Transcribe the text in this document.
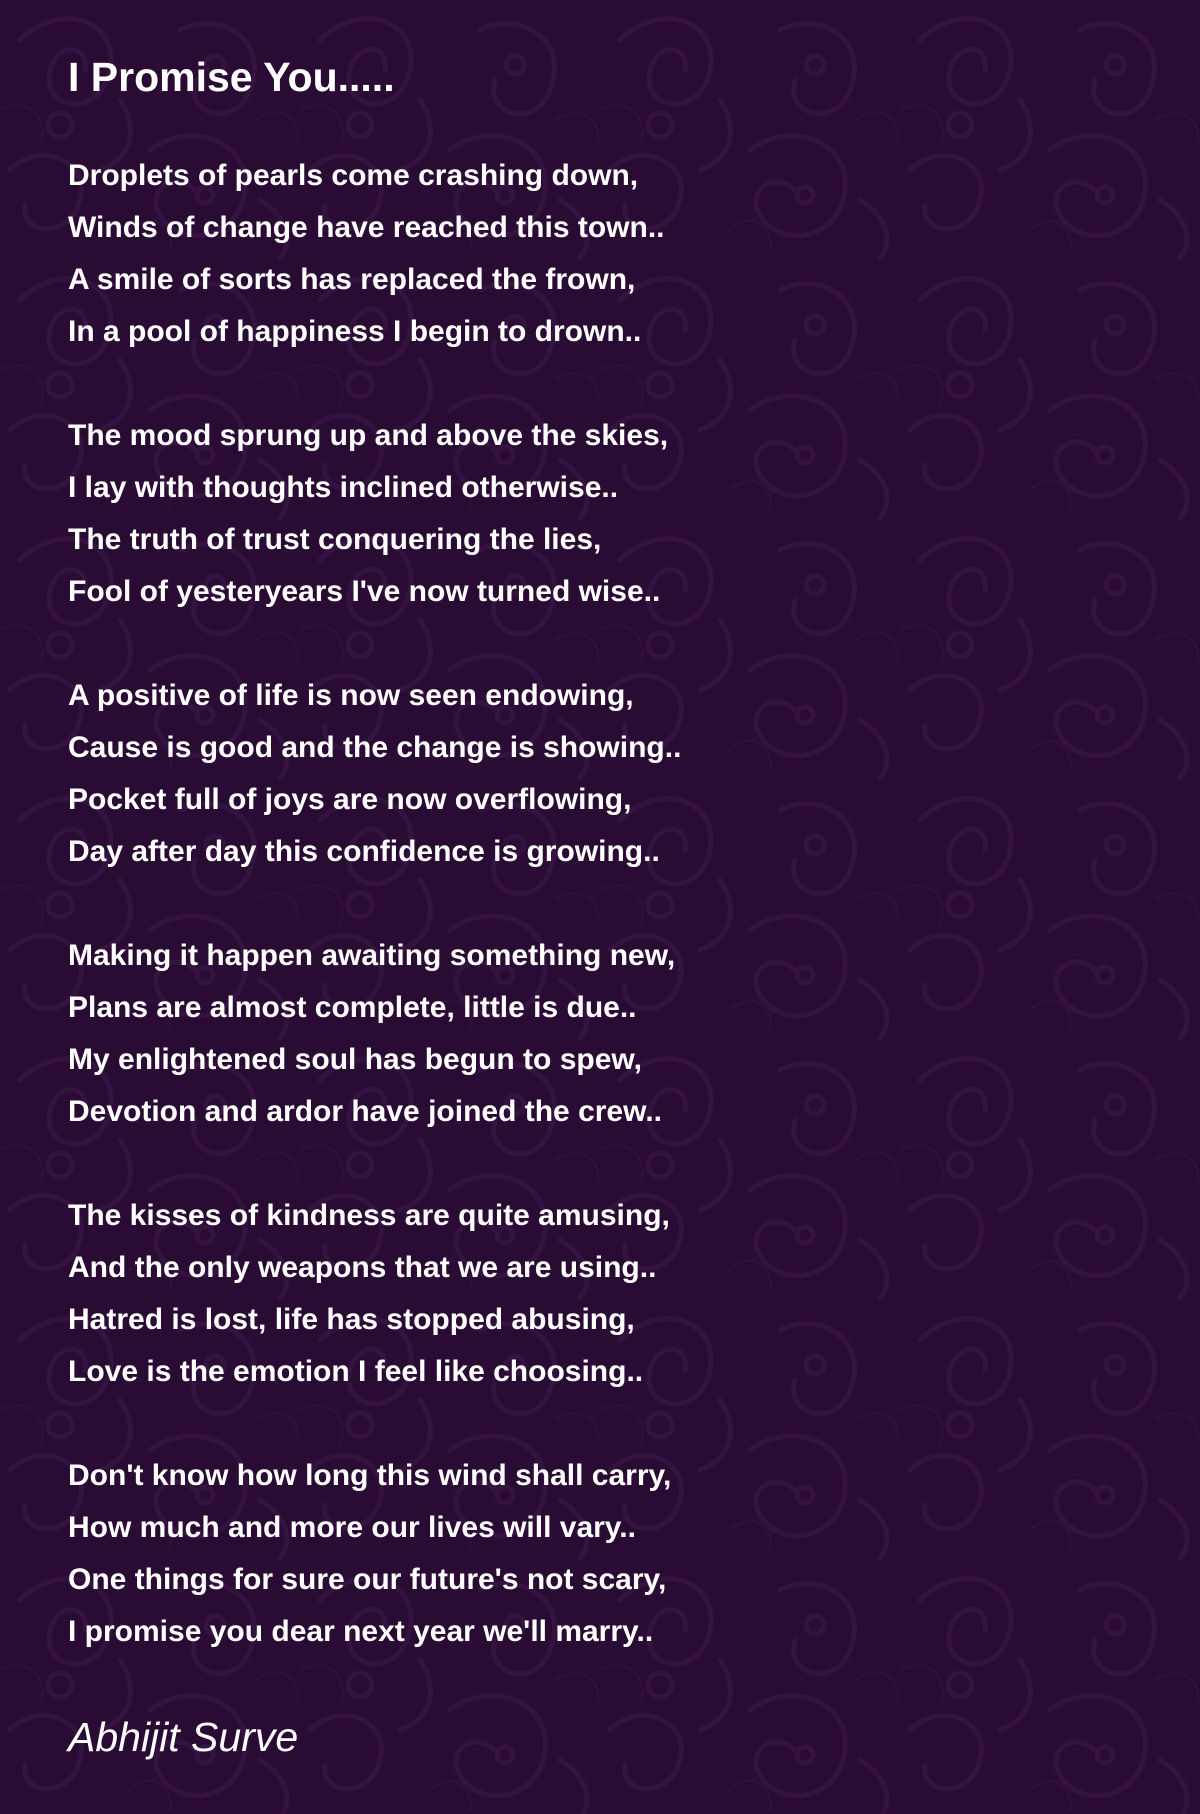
I Promise You.....

Droplets of pearls come crashing down,
Winds of change have reached this town..
A smile of sorts has replaced the frown,
In a pool of happiness I begin to drown..

The mood sprung up and above the skies,
I lay with thoughts inclined otherwise..
The truth of trust conquering the lies,
Fool of yesteryears I've now turned wise..

A positive of life is now seen endowing,
Cause is good and the change is showing..
Pocket full of joys are now overflowing,
Day after day this confidence is growing..

Making it happen awaiting something new,
Plans are almost complete, little is due..
My enlightened soul has begun to spew,
Devotion and ardor have joined the crew..

The kisses of kindness are quite amusing,
And the only weapons that we are using..
Hatred is lost, life has stopped abusing,
Love is the emotion I feel like choosing..

Don't know how long this wind shall carry,
How much and more our lives will vary..
One things for sure our future's not scary,
I promise you dear next year we'll marry..

Abhijit Surve
